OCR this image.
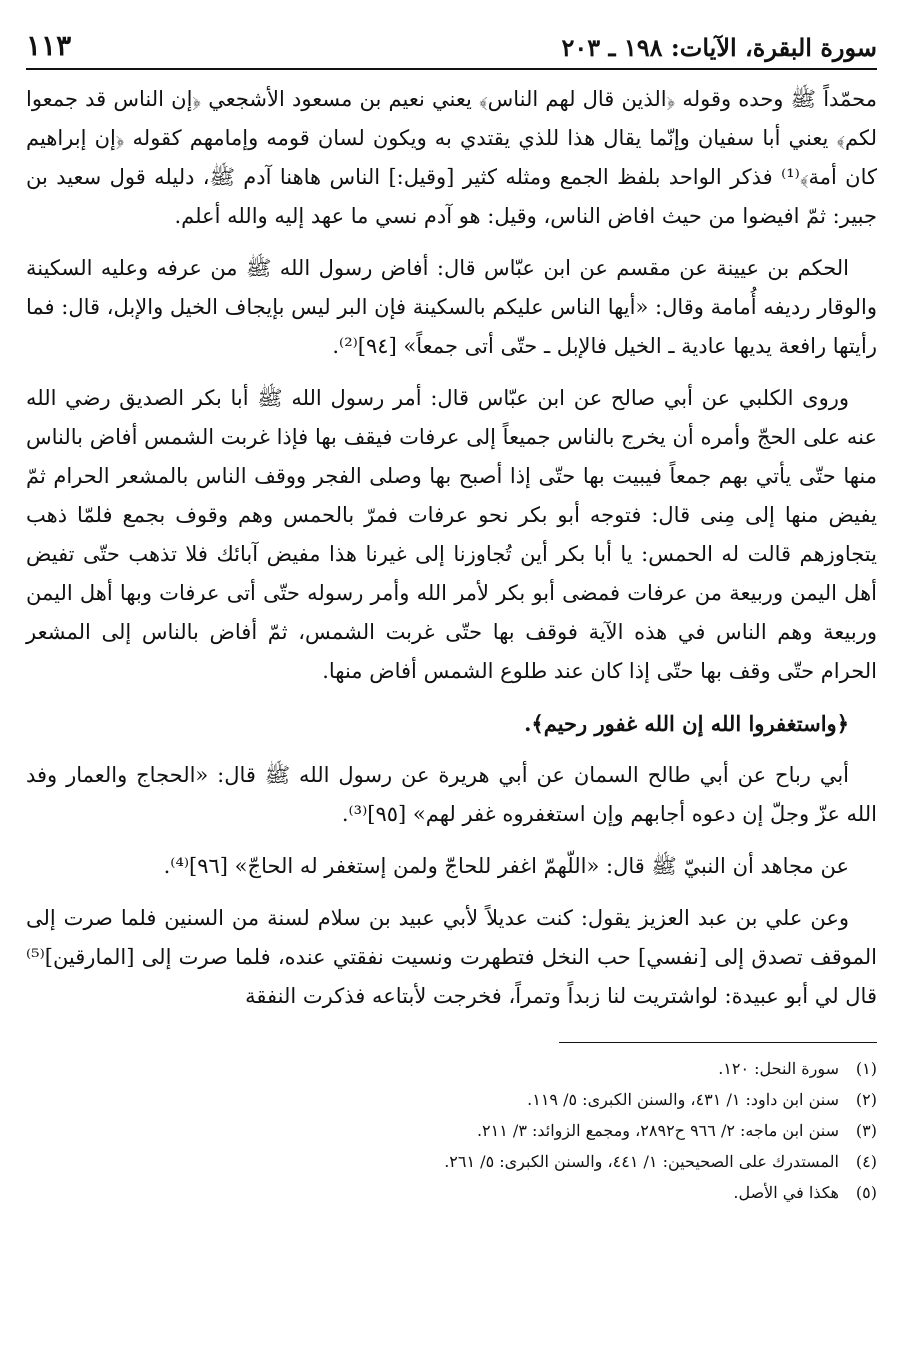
سورة البقرة، الآيات: ١٩٨ ـ ٢٠٣
١١٣

محمّداً ﷺ وحده وقوله ﴿الذين قال لهم الناس﴾ يعني نعيم بن مسعود الأشجعي ﴿إن الناس قد جمعوا لكم﴾ يعني أبا سفيان وإنّما يقال هذا للذي يقتدي به ويكون لسان قومه وإمامهم كقوله ﴿إن إبراهيم كان أمة﴾⁽¹⁾ فذكر الواحد بلفظ الجمع ومثله كثير [وقيل:] الناس هاهنا آدم ﷺ، دليله قول سعيد بن جبير: ثمّ افيضوا من حيث افاض الناس، وقيل: هو آدم نسي ما عهد إليه والله أعلم.

الحكم بن عيينة عن مقسم عن ابن عبّاس قال: أفاض رسول الله ﷺ من عرفه وعليه السكينة والوقار رديفه أُمامة وقال: «أيها الناس عليكم بالسكينة فإن البر ليس بإيجاف الخيل والإبل، قال: فما رأيتها رافعة يديها عادية ـ الخيل فالإبل ـ حتّى أتى جمعاً» [٩٤]⁽²⁾.

وروى الكلبي عن أبي صالح عن ابن عبّاس قال: أمر رسول الله ﷺ أبا بكر الصديق رضي الله عنه على الحجّ وأمره أن يخرج بالناس جميعاً إلى عرفات فيقف بها فإذا غربت الشمس أفاض بالناس منها حتّى يأتي بهم جمعاً فيبيت بها حتّى إذا أصبح بها وصلى الفجر ووقف الناس بالمشعر الحرام ثمّ يفيض منها إلى مِنى قال: فتوجه أبو بكر نحو عرفات فمرّ بالحمس وهم وقوف بجمع فلمّا ذهب يتجاوزهم قالت له الحمس: يا أبا بكر أين تُجاوزنا إلى غيرنا هذا مفيض آبائك فلا تذهب حتّى تفيض أهل اليمن وربيعة من عرفات فمضى أبو بكر لأمر الله وأمر رسوله حتّى أتى عرفات وبها أهل اليمن وربيعة وهم الناس في هذه الآية فوقف بها حتّى غربت الشمس، ثمّ أفاض بالناس إلى المشعر الحرام حتّى وقف بها حتّى إذا كان عند طلوع الشمس أفاض منها.

﴿واستغفروا الله إن الله غفور رحيم﴾.

أبي رباح عن أبي طالح السمان عن أبي هريرة عن رسول الله ﷺ قال: «الحجاج والعمار وفد الله عزّ وجلّ إن دعوه أجابهم وإن استغفروه غفر لهم» [٩٥]⁽³⁾.

عن مجاهد أن النبيّ ﷺ قال: «اللّهمّ اغفر للحاجّ ولمن إستغفر له الحاجّ» [٩٦]⁽⁴⁾.

وعن علي بن عبد العزيز يقول: كنت عديلاً لأبي عبيد بن سلام لسنة من السنين فلما صرت إلى الموقف تصدق إلى [نفسي] حب النخل فتطهرت ونسيت نفقتي عنده، فلما صرت إلى [المارقين]⁽⁵⁾ قال لي أبو عبيدة: لواشتريت لنا زبداً وتمراً، فخرجت لأبتاعه فذكرت النفقة

(١)
سورة النحل: ١٢٠.
(٢)
سنن ابن داود: ١/ ٤٣١، والسنن الكبرى: ٥/ ١١٩.
(٣)
سنن ابن ماجه: ٢/ ٩٦٦ ح٢٨٩٢، ومجمع الزوائد: ٣/ ٢١١.
(٤)
المستدرك على الصحيحين: ١/ ٤٤١، والسنن الكبرى: ٥/ ٢٦١.
(٥)
هكذا في الأصل.
